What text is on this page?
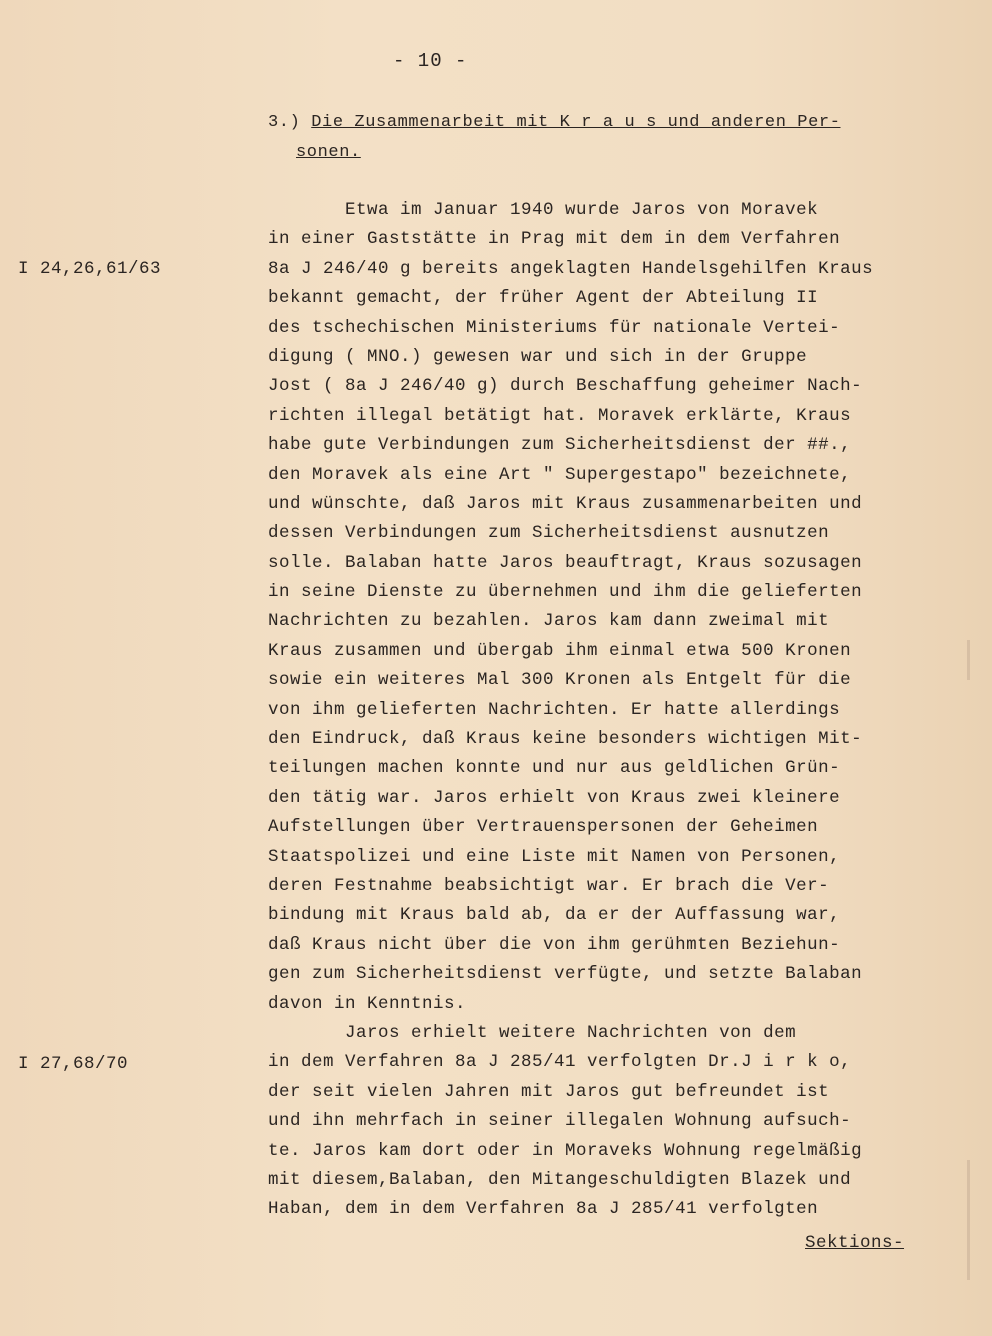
- 10 -
3.) Die Zusammenarbeit mit K r a u s und anderen Per-
sonen.
I 24,26,61/63
I 27,68/70
Etwa im Januar 1940 wurde Jaros von Moravek
in einer Gaststätte in Prag mit dem in dem Verfahren
8a J 246/40 g bereits angeklagten Handelsgehilfen Kraus
bekannt gemacht, der früher Agent der Abteilung II
des tschechischen Ministeriums für nationale Vertei-
digung ( MNO.) gewesen war und sich in der Gruppe
Jost ( 8a J 246/40 g) durch Beschaffung geheimer Nach-
richten illegal betätigt hat. Moravek erklärte, Kraus
habe gute Verbindungen zum Sicherheitsdienst der ##.,
den Moravek als eine Art " Supergestapo" bezeichnete,
und wünschte, daß Jaros mit Kraus zusammenarbeiten und
dessen Verbindungen zum Sicherheitsdienst ausnutzen
solle. Balaban hatte Jaros beauftragt, Kraus sozusagen
in seine Dienste zu übernehmen und ihm die gelieferten
Nachrichten zu bezahlen. Jaros kam dann zweimal mit
Kraus zusammen und übergab ihm einmal etwa 500 Kronen
sowie ein weiteres Mal 300 Kronen als Entgelt für die
von ihm gelieferten Nachrichten. Er hatte allerdings
den Eindruck, daß Kraus keine besonders wichtigen Mit-
teilungen machen konnte und nur aus geldlichen Grün-
den tätig war. Jaros erhielt von Kraus zwei kleinere
Aufstellungen über Vertrauenspersonen der Geheimen
Staatspolizei und eine Liste mit Namen von Personen,
deren Festnahme beabsichtigt war. Er brach die Ver-
bindung mit Kraus bald ab, da er der Auffassung war,
daß Kraus nicht über die von ihm gerühmten Beziehun-
gen zum Sicherheitsdienst verfügte, und setzte Balaban
davon in Kenntnis.
Jaros erhielt weitere Nachrichten von dem
in dem Verfahren 8a J 285/41 verfolgten Dr.J i r k o,
der seit vielen Jahren mit Jaros gut befreundet ist
und ihn mehrfach in seiner illegalen Wohnung aufsuch-
te. Jaros kam dort oder in Moraveks Wohnung regelmäßig
mit diesem,Balaban, den Mitangeschuldigten Blazek und
Haban, dem in dem Verfahren 8a J 285/41 verfolgten
Sektions-
